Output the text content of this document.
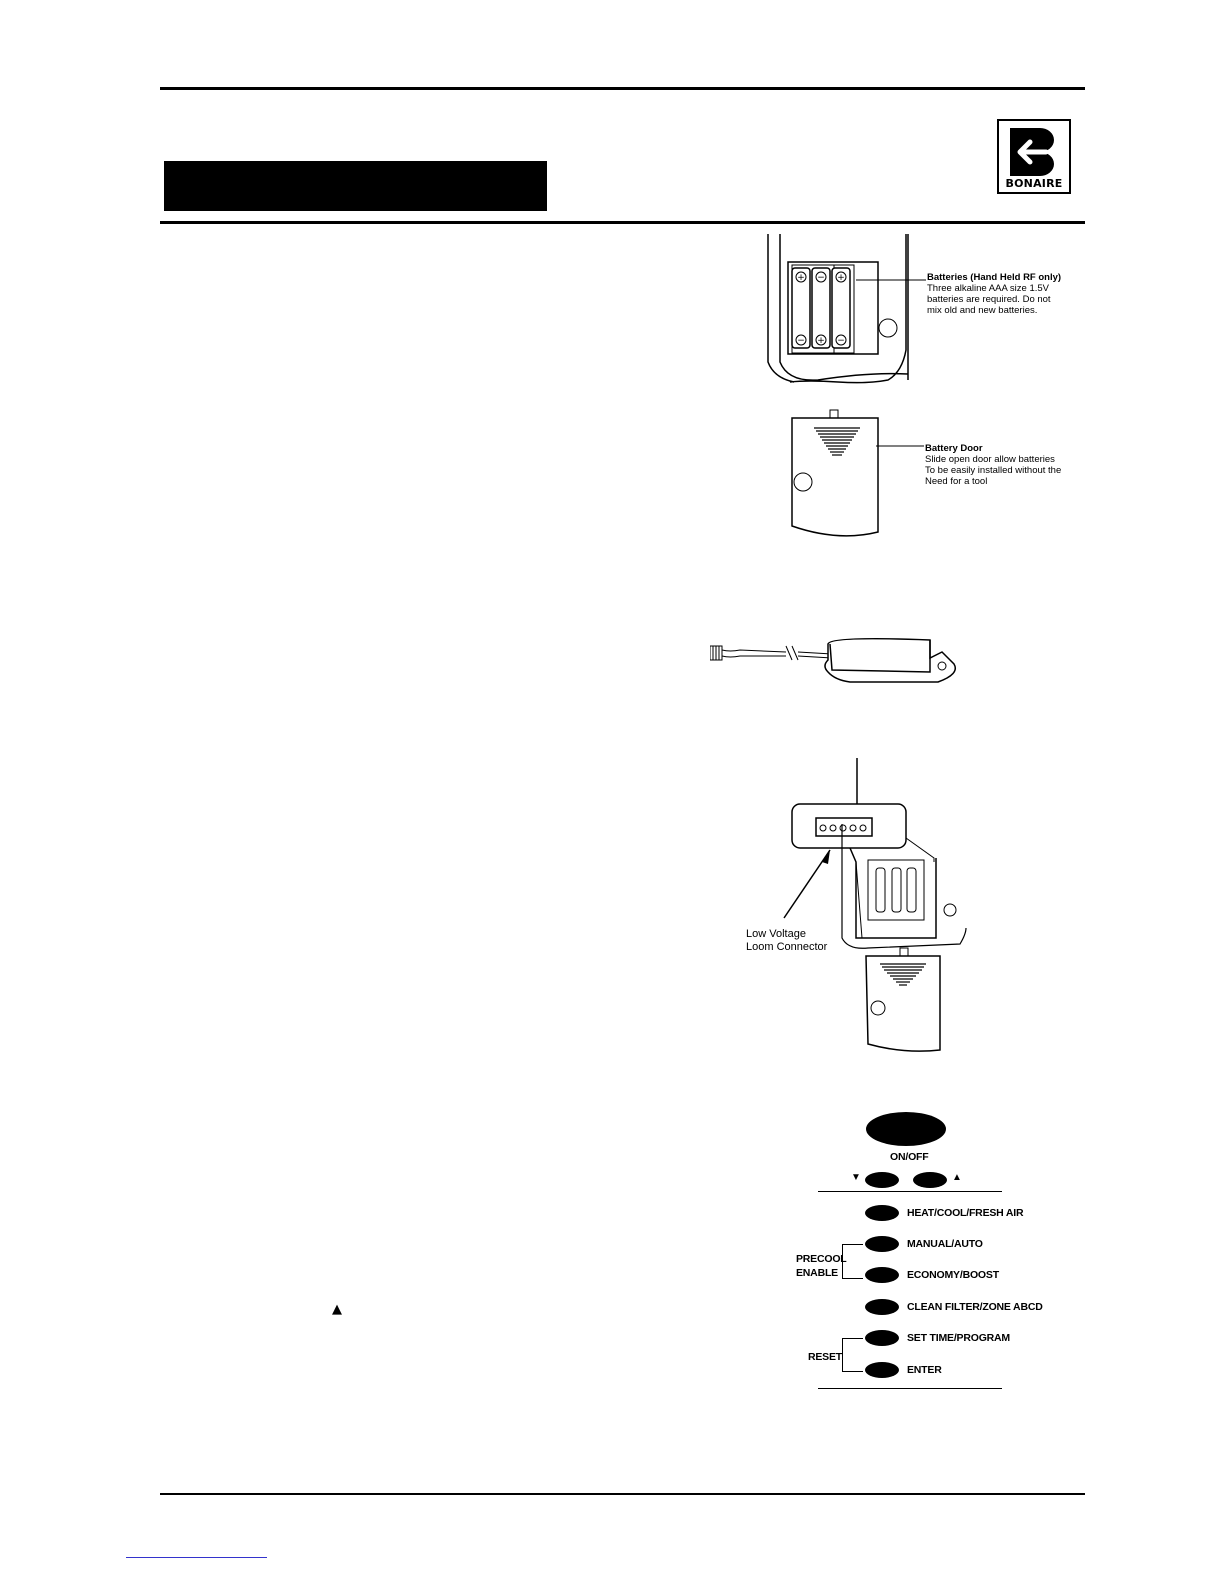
BONAIRE
+ − +
− + −
Batteries (Hand Held RF only)
Three alkaline AAA size 1.5V
batteries are required. Do not
mix old and new batteries.
Battery Door
Slide open door allow batteries
To be easily installed without the
Need for a tool
Low Voltage
Loom Connector
ON/OFF
▼	▲
HEAT/COOL/FRESH AIR
MANUAL/AUTO
ECONOMY/BOOST
PRECOOL
ENABLE
CLEAN FILTER/ZONE ABCD
SET TIME/PROGRAM
ENTER
RESET
▲
